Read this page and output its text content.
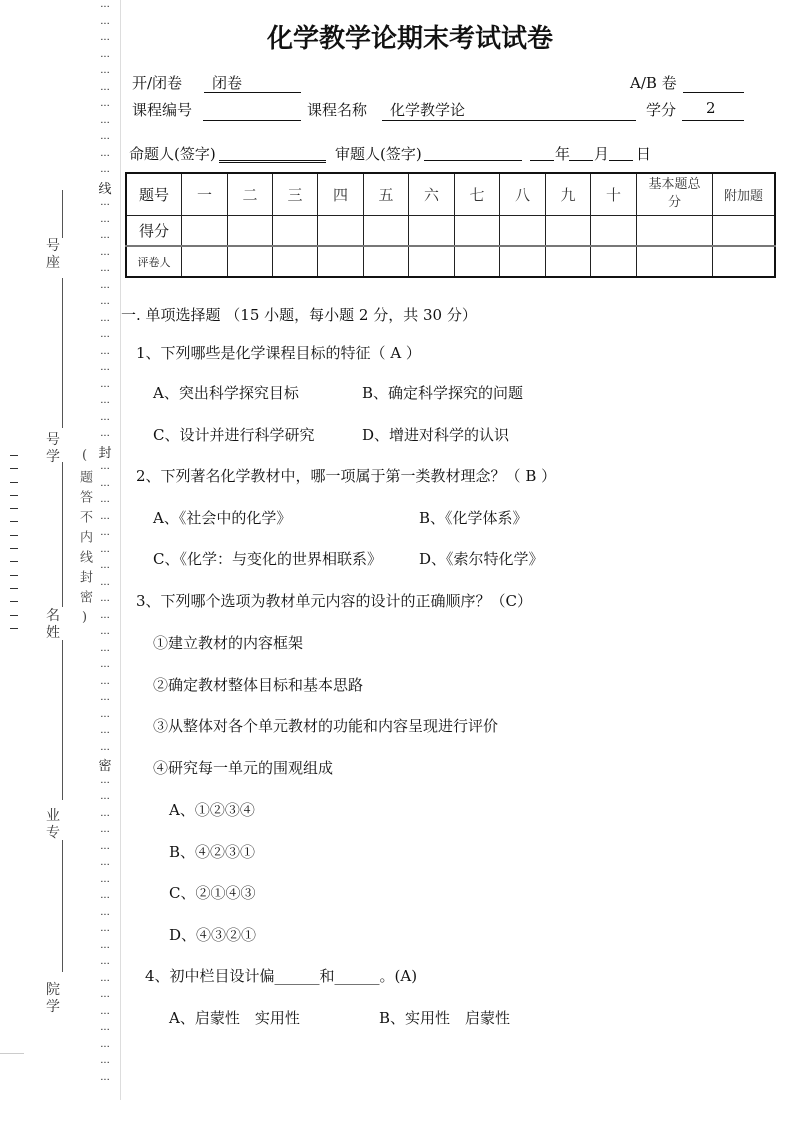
···
···
···
···
···
···
···
···
···
···
···
线
···
···
···
···
···
···
···
···
···
···
···
···
···
···
···
封
···
···
···
···
···
···
···
···
···
···
···
···
···
···
···
···
···
···
密
···
···
···
···
···
···
···
···
···
···
···
···
···
···
···
···
···
···
···
号座
号学
名姓
业专
院学
(密封线内不答题)
化学教学论期末考试试卷
开/闭卷 闭卷	A/B 卷
课程编号	课程名称 化学教学论	学分 2
命题人(签字)	审题人(签字)	年 月 日
题号	一	二	三	四	五	六	七	八	九	十	基本题总分	附加题
得分												
评卷人												
一. 单项选择题 （15 小题，每小题 2 分，共 30 分）
1、下列哪些是化学课程目标的特征（ A ）
A、突出科学探究目标	B、确定科学探究的问题
C、设计并进行科学研究	D、增进对科学的认识
2、下列著名化学教材中，哪一项属于第一类教材理念？（ B ）
A、《社会中的化学》	B、《化学体系》
C、《化学：与变化的世界相联系》 D、《索尔特化学》
3、下列哪个选项为教材单元内容的设计的正确顺序？（C）
①建立教材的内容框架
②确定教材整体目标和基本思路
③从整体对各个单元教材的功能和内容呈现进行评价
④研究每一单元的围观组成
A、①②③④
B、④②③①
C、②①④③
D、④③②①
4、初中栏目设计偏______和______。(A)
A、启蒙性　实用性	B、实用性　启蒙性
